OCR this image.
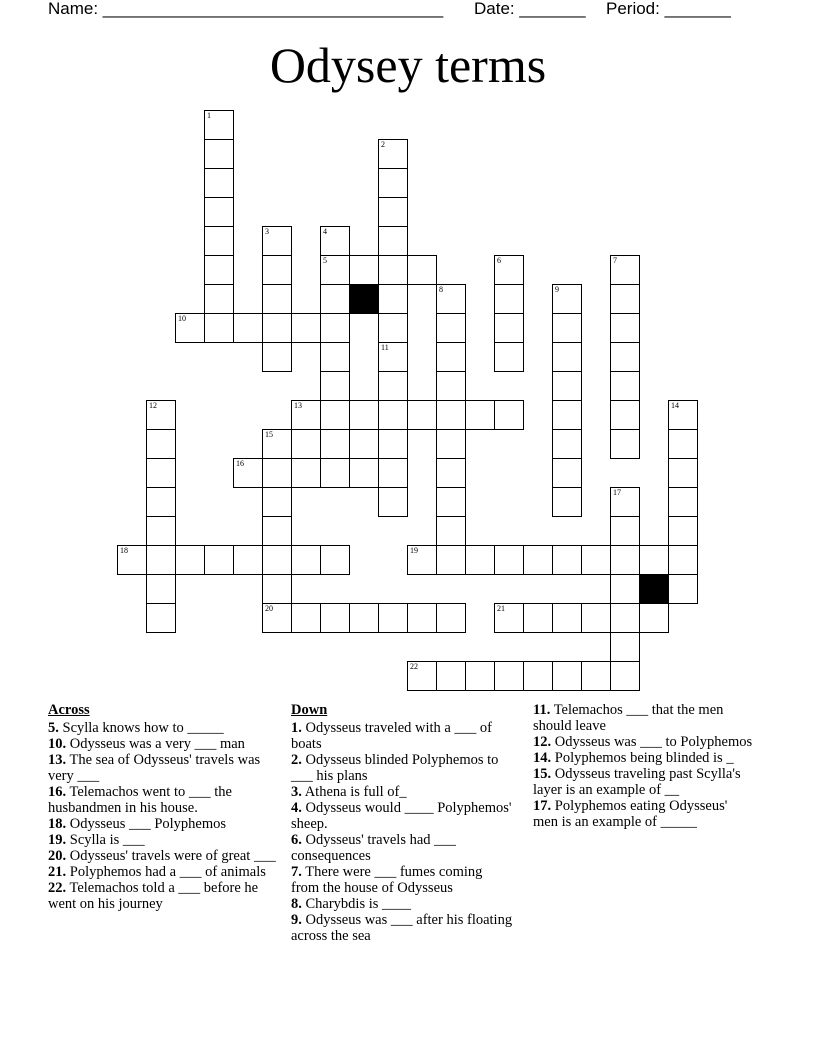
Name: ____________________________________ Date: _______ Period: _______
Odysey terms
1
2
11
3	4
5	6	7
8	9
12	14
15
20
17
10
13
16
18	19
21
22
Across
5. Scylla knows how to _____
10. Odysseus was a very ___ man
13. The sea of Odysseus' travels was very ___
16. Telemachos went to ___ the husbandmen in his house.
18. Odysseus ___ Polyphemos
19. Scylla is ___
20. Odysseus' travels were of great ___
21. Polyphemos had a ___ of animals
22. Telemachos told a ___ before he went on his journey
Down
1. Odysseus traveled with a ___ of boats
2. Odysseus blinded Polyphemos to ___ his plans
3. Athena is full of_
4. Odysseus would ____ Polyphemos' sheep.
6. Odysseus' travels had ___ consequences
7. There were ___ fumes coming from the house of Odysseus
8. Charybdis is ____
9. Odysseus was ___ after his floating across the sea
11. Telemachos ___ that the men should leave
12. Odysseus was ___ to Polyphemos
14. Polyphemos being blinded is _
15. Odysseus traveling past Scylla's layer is an example of __
17. Polyphemos eating Odysseus' men is an example of _____
